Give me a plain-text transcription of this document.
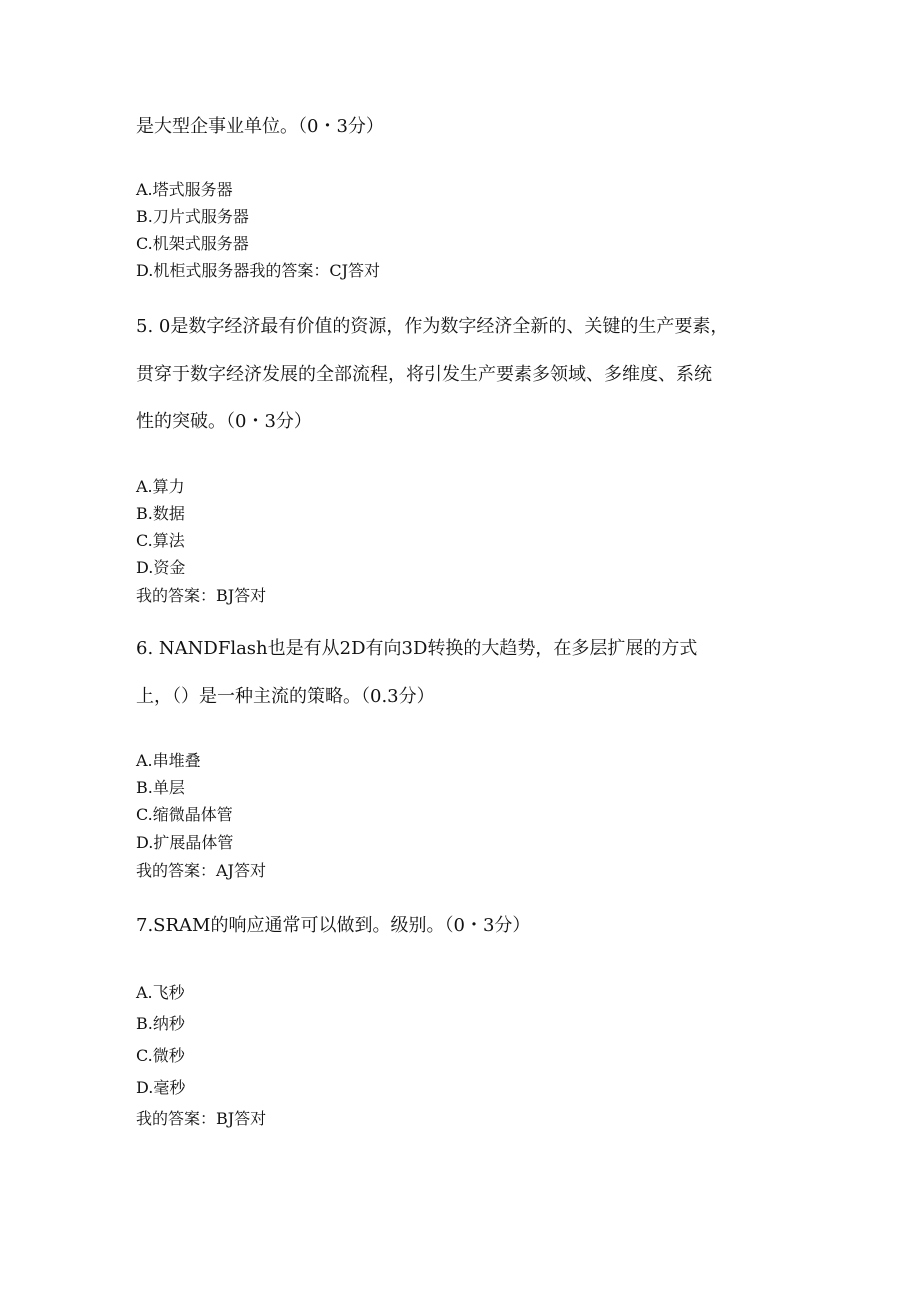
是大型企事业单位。（0・3分）
A.塔式服务器
B.刀片式服务器
C.机架式服务器
D.机柜式服务器我的答案：CJ答对
5. 0是数字经济最有价值的资源，作为数字经济全新的、关键的生产要素，
贯穿于数字经济发展的全部流程，将引发生产要素多领域、多维度、系统
性的突破。（0・3分）
A.算力
B.数据
C.算法
D.资金
我的答案：BJ答对
6. NANDFlash也是有从2D有向3D转换的大趋势，在多层扩展的方式
上，（）是一种主流的策略。（0.3分）
A.串堆叠
B.单层
C.缩微晶体管
D.扩展晶体管
我的答案：AJ答对
7.SRAM的响应通常可以做到。级别。（0・3分）
A.飞秒
B.纳秒
C.微秒
D.毫秒
我的答案：BJ答对
